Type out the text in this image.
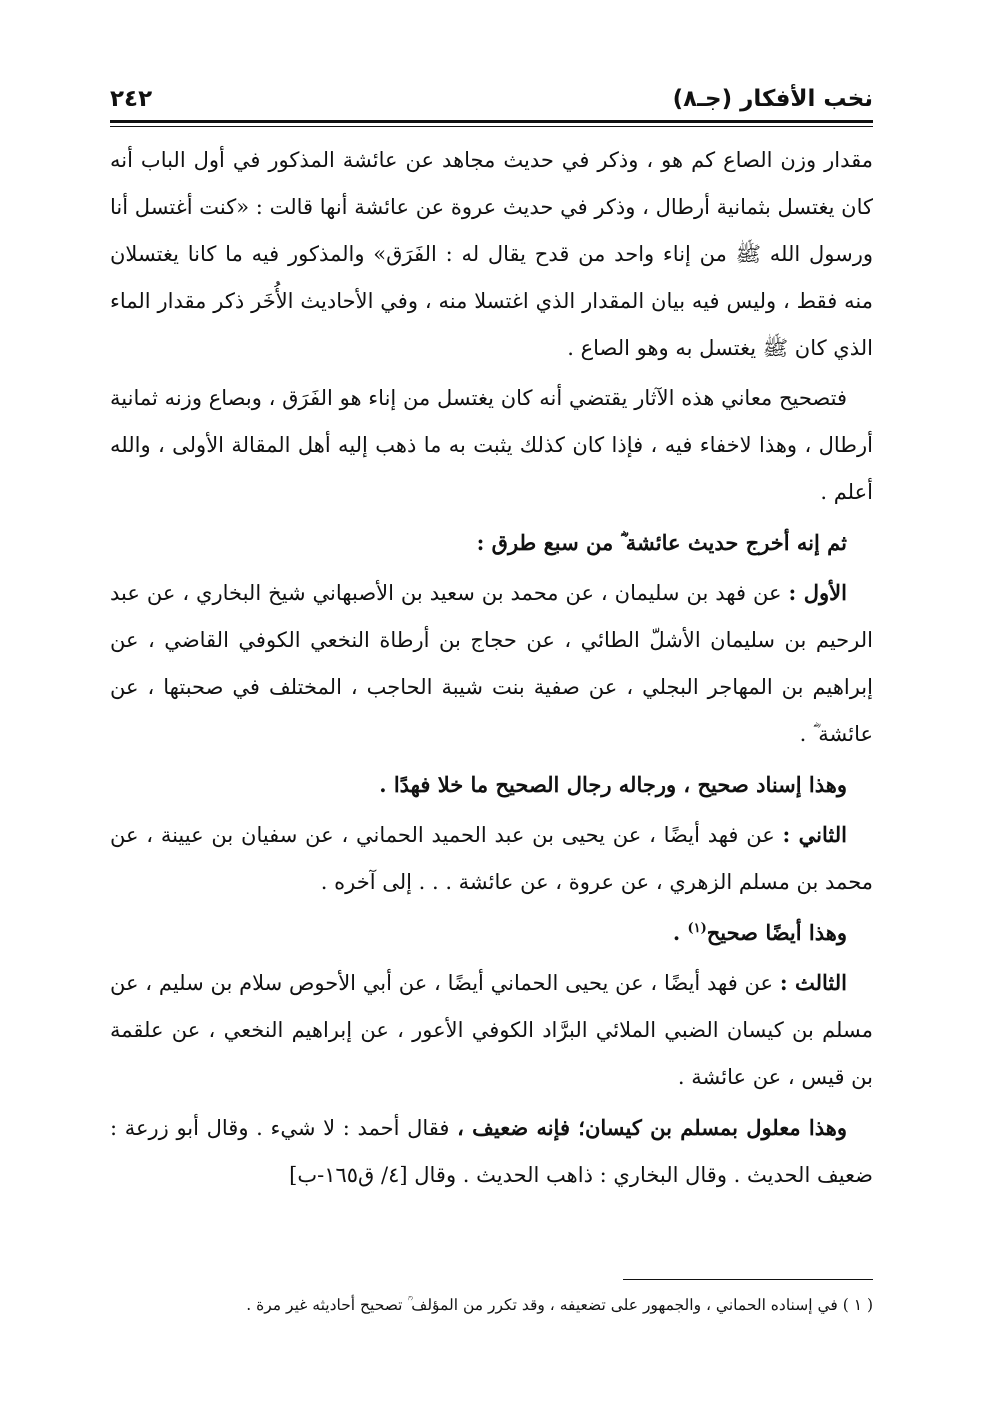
نخب الأفكار (جـ٨)
٢٤٢

مقدار وزن الصاع كم هو ، وذكر في حديث مجاهد عن عائشة المذكور في أول الباب أنه كان يغتسل بثمانية أرطال ، وذكر في حديث عروة عن عائشة أنها قالت : «كنت أغتسل أنا ورسول الله ﷺ من إناء واحد من قدح يقال له : الفَرَق» والمذكور فيه ما كانا يغتسلان منه فقط ، وليس فيه بيان المقدار الذي اغتسلا منه ، وفي الأحاديث الأُخَر ذكر مقدار الماء الذي كان ﷺ يغتسل به وهو الصاع .

فتصحيح معاني هذه الآثار يقتضي أنه كان يغتسل من إناء هو الفَرَق ، وبصاع وزنه ثمانية أرطال ، وهذا لاخفاء فيه ، فإذا كان كذلك يثبت به ما ذهب إليه أهل المقالة الأولى ، والله أعلم .

ثم إنه أخرج حديث عائشة ؓ من سبع طرق :

الأول : عن فهد بن سليمان ، عن محمد بن سعيد بن الأصبهاني شيخ البخاري ، عن عبد الرحيم بن سليمان الأشلّ الطائي ، عن حجاج بن أرطاة النخعي الكوفي القاضي ، عن إبراهيم بن المهاجر البجلي ، عن صفية بنت شيبة الحاجب ، المختلف في صحبتها ، عن عائشة ؓ .

وهذا إسناد صحيح ، ورجاله رجال الصحيح ما خلا فهدًا .

الثاني : عن فهد أيضًا ، عن يحيى بن عبد الحميد الحماني ، عن سفيان بن عيينة ، عن محمد بن مسلم الزهري ، عن عروة ، عن عائشة . . . إلى آخره .

وهذا أيضًا صحيح$^{(١)}$ .

الثالث : عن فهد أيضًا ، عن يحيى الحماني أيضًا ، عن أبي الأحوص سلام بن سليم ، عن مسلم بن كيسان الضبي الملائي البرَّاد الكوفي الأعور ، عن إبراهيم النخعي ، عن علقمة بن قيس ، عن عائشة .

وهذا معلول بمسلم بن كيسان؛ فإنه ضعيف ، فقال أحمد : لا شيء . وقال أبو زرعة : ضعيف الحديث . وقال البخاري : ذاهب الحديث . وقال [٤/ ق١٦٥-ب]

( ١ ) في إسناده الحماني ، والجمهور على تضعيفه ، وقد تكرر من المؤلف ؒ تصحيح أحاديثه غير مرة .
